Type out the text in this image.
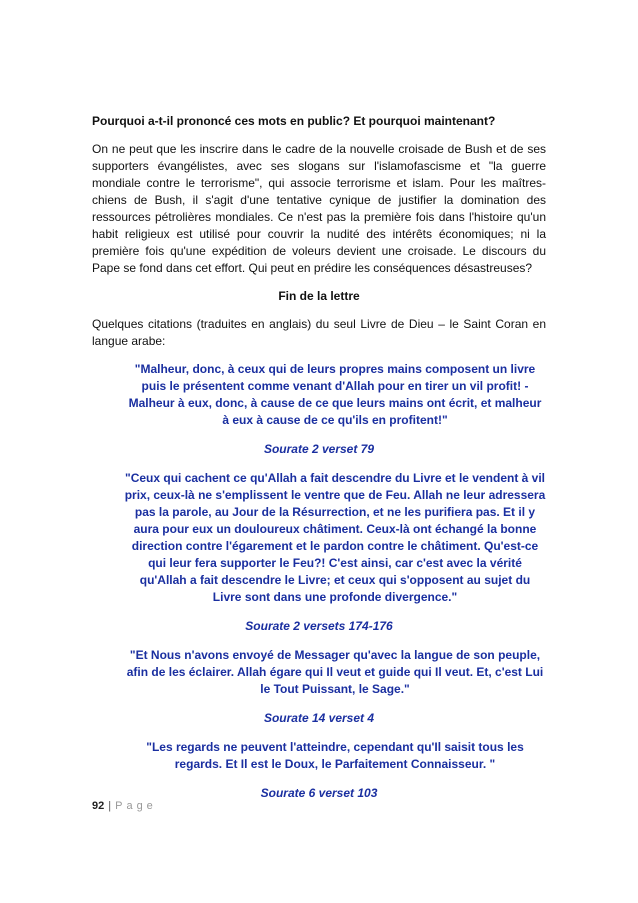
Pourquoi a-t-il prononcé ces mots en public? Et pourquoi maintenant?
On ne peut que les inscrire dans le cadre de la nouvelle croisade de Bush et de ses supporters évangélistes, avec ses slogans sur l'islamofascisme et "la guerre mondiale contre le terrorisme", qui associe terrorisme et islam. Pour les maîtres-chiens de Bush, il s'agit d'une tentative cynique de justifier la domination des ressources pétrolières mondiales. Ce n'est pas la première fois dans l'histoire qu'un habit religieux est utilisé pour couvrir la nudité des intérêts économiques; ni la première fois qu'une expédition de voleurs devient une croisade. Le discours du Pape se fond dans cet effort. Qui peut en prédire les conséquences désastreuses?
Fin de la lettre
Quelques citations (traduites en anglais) du seul Livre de Dieu – le Saint Coran en langue arabe:
"Malheur, donc, à ceux qui de leurs propres mains composent un livre puis le présentent comme venant d'Allah pour en tirer un vil profit! - Malheur à eux, donc, à cause de ce que leurs mains ont écrit, et malheur à eux à cause de ce qu'ils en profitent!"
Sourate 2 verset 79
"Ceux qui cachent ce qu'Allah a fait descendre du Livre et le vendent à vil prix, ceux-là ne s'emplissent le ventre que de Feu. Allah ne leur adressera pas la parole, au Jour de la Résurrection, et ne les purifiera pas. Et il y aura pour eux un douloureux châtiment. Ceux-là ont échangé la bonne direction contre l'égarement et le pardon contre le châtiment. Qu'est-ce qui leur fera supporter le Feu?! C'est ainsi, car c'est avec la vérité qu'Allah a fait descendre le Livre; et ceux qui s'opposent au sujet du Livre sont dans une profonde divergence."
Sourate 2 versets 174-176
"Et Nous n'avons envoyé de Messager qu'avec la langue de son peuple, afin de les éclairer. Allah égare qui Il veut et guide qui Il veut. Et, c'est Lui le Tout Puissant, le Sage."
Sourate 14 verset 4
"Les regards ne peuvent l'atteindre, cependant qu'Il saisit tous les regards. Et Il est le Doux, le Parfaitement Connaisseur. "
Sourate 6 verset 103
92 | Page
